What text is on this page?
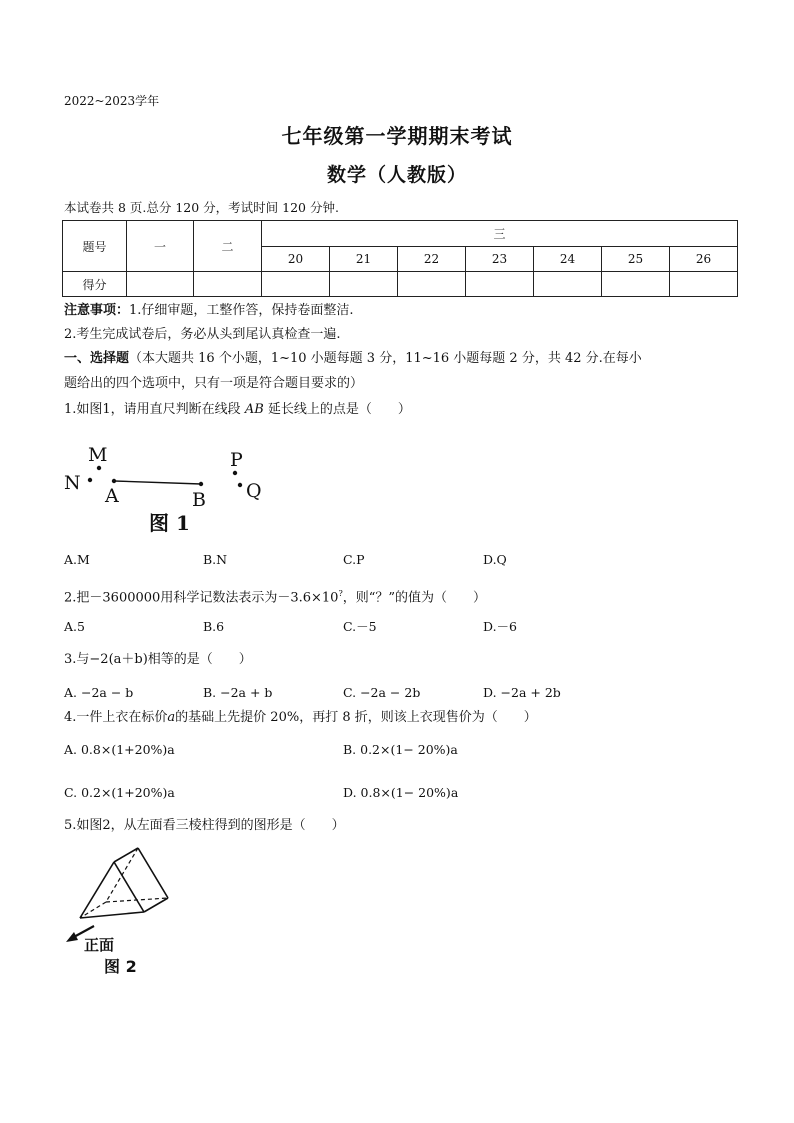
2022~2023学年
七年级第一学期期末考试
数学（人教版）
本试卷共 8 页.总分 120 分，考试时间 120 分钟.
题号	一	二	三						
			20	21	22	23	24	25	26
得分									
注意事项：1.仔细审题，工整作答，保持卷面整洁.
2.考生完成试卷后，务必从头到尾认真检查一遍.
一、选择题（本大题共 16 个小题，1~10 小题每题 3 分，11~16 小题每题 2 分，共 42 分.在每小
题给出的四个选项中，只有一项是符合题目要求的）
1.如图1，请用直尺判断在线段 AB 延长线上的点是（　　）
M
N
A	B
P
Q
图 1
A.M	B.N	C.P	D.Q
2.把－3600000用科学记数法表示为－3.6×10?，则“？”的值为（　　）
A.5	B.6	C.－5	D.－6
3.与−2(a＋b)相等的是（　　）
A. −2a − b	B. −2a + b	C. −2a − 2b	D. −2a + 2b
4.一件上衣在标价a的基础上先提价 20%，再打 8 折，则该上衣现售价为（　　）
A. 0.8×(1+20%)a	B. 0.2×(1− 20%)a
C. 0.2×(1+20%)a	D. 0.8×(1− 20%)a
5.如图2，从左面看三棱柱得到的图形是（　　）
正面
图 2
